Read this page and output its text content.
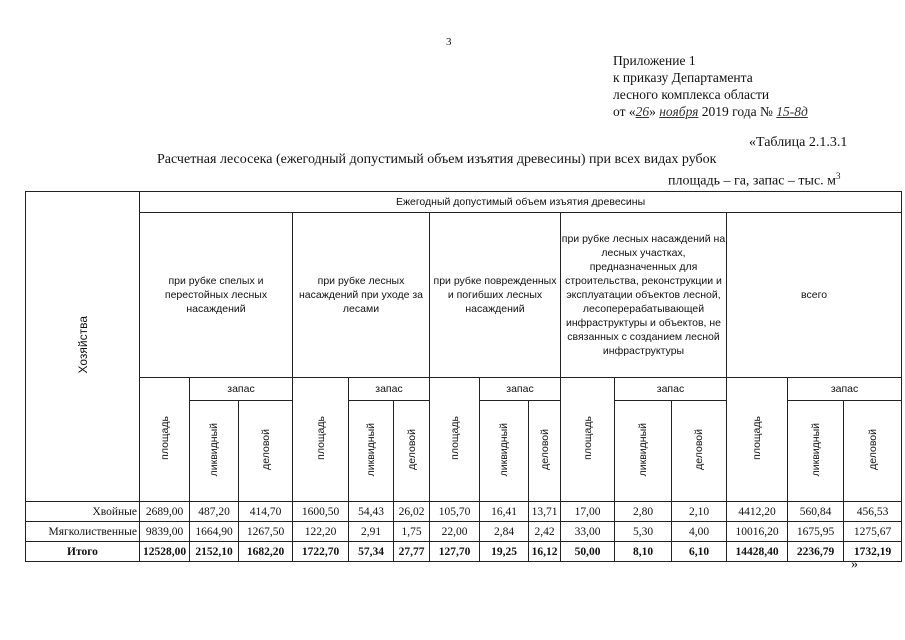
3
Приложение 1
к приказу Департамента
лесного комплекса области
от «26» ноября 2019 года № 15-8д
«Таблица 2.1.3.1
Расчетная лесосека (ежегодный допустимый объем изъятия древесины) при всех видах рубок
площадь – га, запас – тыс. $м^3$
Хозяйства	Ежегодный допустимый объем изъятия древесины														
	при рубке спелых и перестойных лесных насаждений			при рубке лесных насаждений при уходе за лесами			при рубке поврежденных и погибших лесных насаждений			при рубке лесных насаждений на лесных участках, предназначенных для строительства, реконструкции и эксплуатации объектов лесной, лесоперерабатывающей инфраструктуры и объектов, не связанных с созданием лесной инфраструктуры			всего		
	площадь	запас		площадь	запас		площадь	запас		площадь	запас		площадь	запас	
		ликвидный	деловой		ликвидный	деловой		ликвидный	деловой		ликвидный	деловой		ликвидный	деловой
Хвойные	2689,00	487,20	414,70	1600,50	54,43	26,02	105,70	16,41	13,71	17,00	2,80	2,10	4412,20	560,84	456,53
Мягколиственные	9839,00	1664,90	1267,50	122,20	2,91	1,75	22,00	2,84	2,42	33,00	5,30	4,00	10016,20	1675,95	1275,67
Итого	12528,00	2152,10	1682,20	1722,70	57,34	27,77	127,70	19,25	16,12	50,00	8,10	6,10	14428,40	2236,79	1732,19
»
